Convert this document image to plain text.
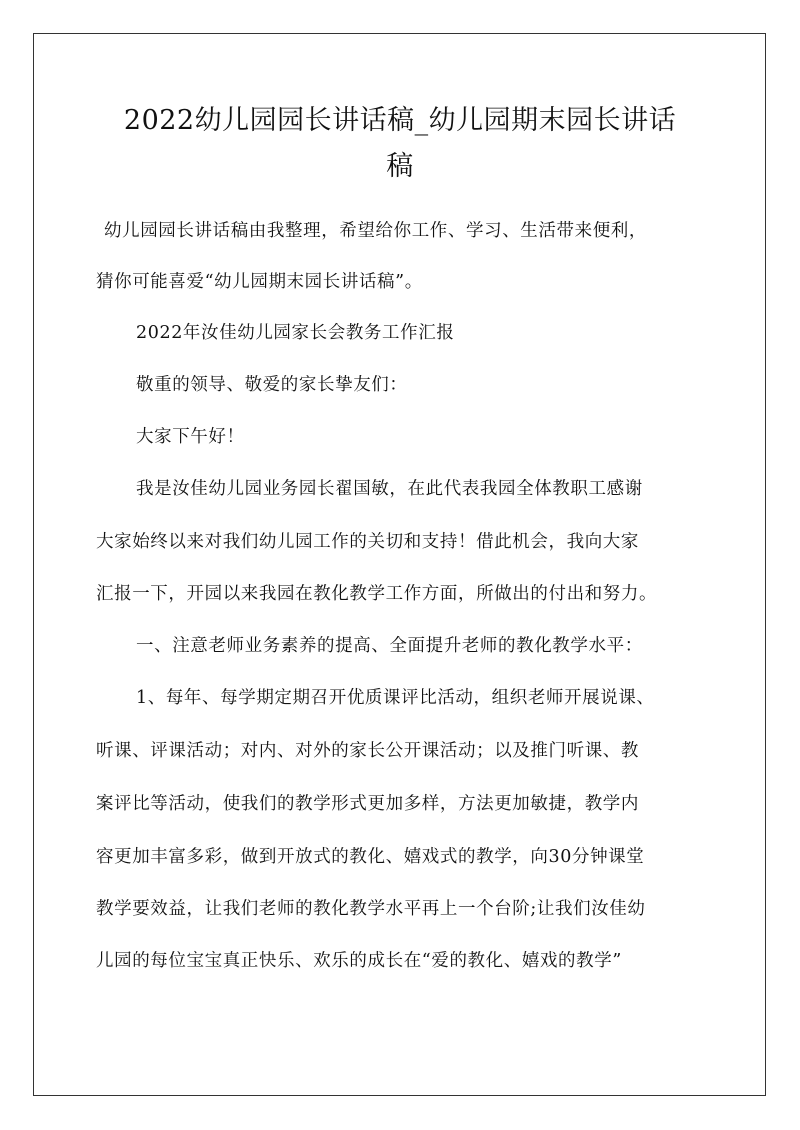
2022幼儿园园长讲话稿_幼儿园期末园长讲话
稿
幼儿园园长讲话稿由我整理，希望给你工作、学习、生活带来便利，
猜你可能喜爱“幼儿园期末园长讲话稿”。
2022年汝佳幼儿园家长会教务工作汇报
敬重的领导、敬爱的家长挚友们：
大家下午好！
我是汝佳幼儿园业务园长翟国敏，在此代表我园全体教职工感谢
大家始终以来对我们幼儿园工作的关切和支持！借此机会，我向大家
汇报一下，开园以来我园在教化教学工作方面，所做出的付出和努力。
一、注意老师业务素养的提高、全面提升老师的教化教学水平：
1、每年、每学期定期召开优质课评比活动，组织老师开展说课、
听课、评课活动；对内、对外的家长公开课活动；以及推门听课、教
案评比等活动，使我们的教学形式更加多样，方法更加敏捷，教学内
容更加丰富多彩，做到开放式的教化、嬉戏式的教学，向30分钟课堂
教学要效益，让我们老师的教化教学水平再上一个台阶;让我们汝佳幼
儿园的每位宝宝真正快乐、欢乐的成长在“爱的教化、嬉戏的教学”
